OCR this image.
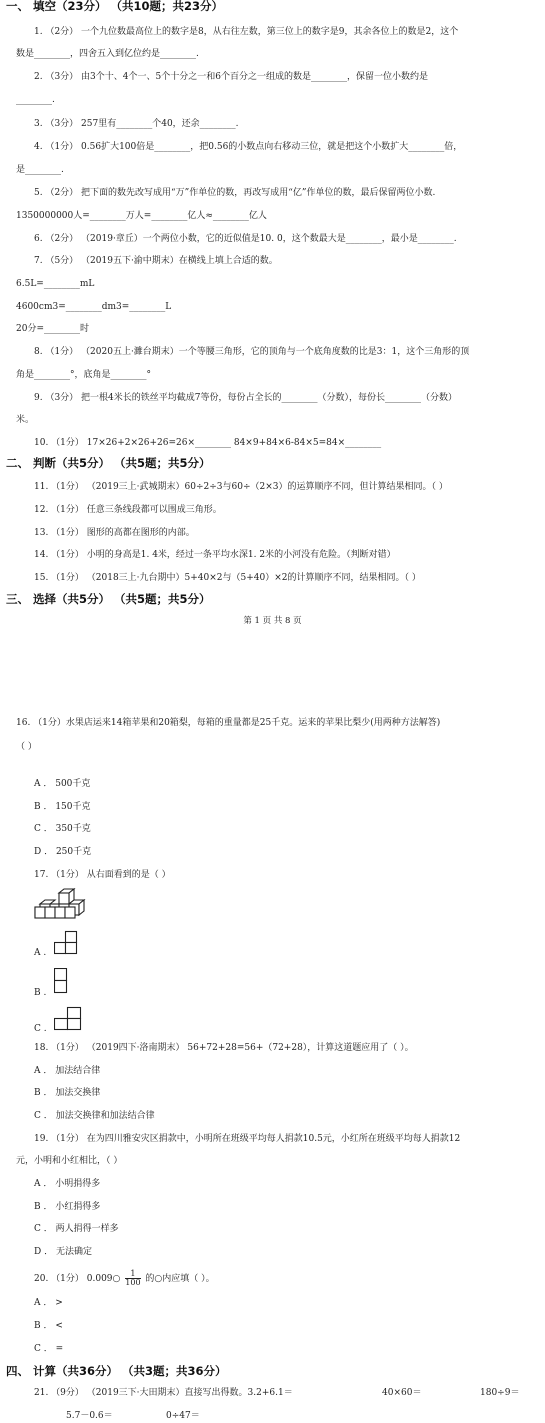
一、 填空（23分） （共10题；共23分）
1. （2分） 一个九位数最高位上的数字是8，从右往左数，第三位上的数字是9，其余各位上的数是2，这个
数是________，四舍五入到亿位约是________.
2. （3分） 由3个十、4个一、5个十分之一和6个百分之一组成的数是________，保留一位小数约是
________.
3. （3分） 257里有________个40，还余________.
4. （1分） 0.56扩大100倍是________，把0.56的小数点向右移动三位，就是把这个小数扩大________倍，
是________.
5. （2分） 把下面的数先改写成用“万”作单位的数，再改写成用“亿”作单位的数，最后保留两位小数.
1350000000人=________万人=________亿人≈________亿人
6. （2分） （2019·章丘）一个两位小数，它的近似值是10. 0，这个数最大是________，最小是________.
7. （5分） （2019五下·渝中期末）在横线上填上合适的数。
6.5L=________mL
4600cm3=________dm3=________L
20分=________时
8. （1分） （2020五上·濉台期末）一个等腰三角形，它的顶角与一个底角度数的比是3：1，这个三角形的顶
角是________°，底角是________°
9. （3分） 把一根4米长的铁丝平均截成7等份，每份占全长的________（分数），每份长________（分数）
米。
10. （1分） 17×26+2×26+26=26×________ 84×9+84×6-84×5=84×________
二、 判断（共5分） （共5题；共5分）
11. （1分） （2019三上·武城期末）60÷2÷3与60÷（2×3）的运算顺序不同，但计算结果相同。（ ）
12. （1分） 任意三条线段都可以围成三角形。
13. （1分） 图形的高都在图形的内部。
14. （1分） 小明的身高是1. 4米，经过一条平均水深1. 2米的小河没有危险。（判断对错）
15. （1分） （2018三上·九台期中）5+40×2与（5+40）×2的计算顺序不同，结果相同。（ ）
三、 选择（共5分） （共5题；共5分）
第 1 页 共 8 页
16. （1分）水果店运来14箱苹果和20箱梨，每箱的重量都是25千克。运来的苹果比梨少(用两种方法解答)
（ ）
A ． 500千克
B ． 150千克
C ． 350千克
D ． 250千克
17. （1分） 从右面看到的是（ ）
A .
B .
C .
18. （1分） （2019四下·洛南期末） 56+72+28=56+（72+28），计算这道题应用了（ ）。
A ． 加法结合律
B ． 加法交换律
C ． 加法交换律和加法结合律
19. （1分） 在为四川雅安灾区捐款中，小明所在班级平均每人捐款10.5元，小红所在班级平均每人捐款12
元，小明和小红相比，（ ）
A ． 小明捐得多
B ． 小红捐得多
C ． 两人捐得一样多
D ． 无法确定
20. （1分） 0.009○ $\frac{1}{100}$ 的○内应填（ ）。
A ． >
B ． <
C ． =
四、 计算（共36分） （共3题；共36分）
21. （9分） （2019三下·大田期末）直接写出得数。3.2+6.1＝	40×60＝	180÷9＝
5.7－0.6＝	0÷47＝
